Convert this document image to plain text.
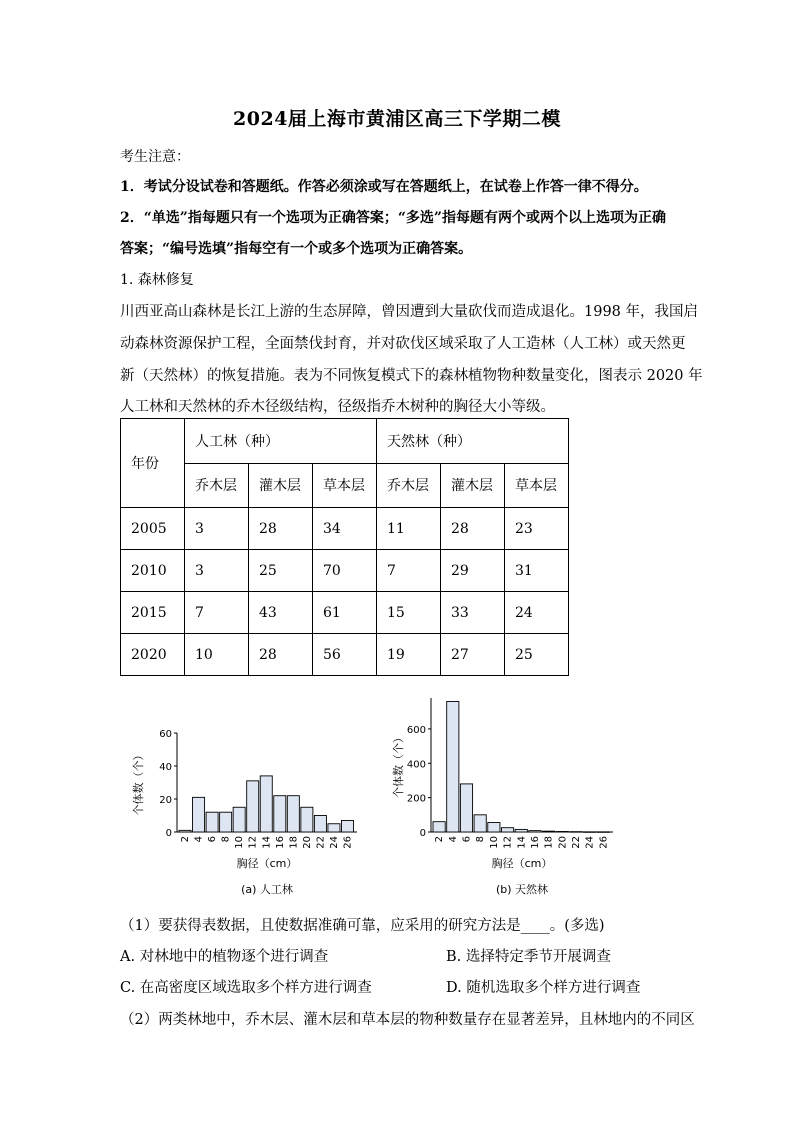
2024届上海市黄浦区高三下学期二模
考生注意：
1．考试分设试卷和答题纸。作答必须涂或写在答题纸上，在试卷上作答一律不得分。
2．“单选”指每题只有一个选项为正确答案；“多选”指每题有两个或两个以上选项为正确
答案；“编号选填”指每空有一个或多个选项为正确答案。
1. 森林修复
川西亚高山森林是长江上游的生态屏障，曾因遭到大量砍伐而造成退化。1998 年，我国启
动森林资源保护工程，全面禁伐封育，并对砍伐区域采取了人工造林（人工林）或天然更
新（天然林）的恢复措施。表为不同恢复模式下的森林植物物种数量变化，图表示 2020 年
人工林和天然林的乔木径级结构，径级指乔木树种的胸径大小等级。
年份	人工林（种）			天然林（种）		
	乔木层	灌木层	草本层	乔木层	灌木层	草本层
2005	3	28	34	11	28	23
2010	3	25	70	7	29	31
2015	7	43	61	15	33	24
2020	10	28	56	19	27	25
0
20
40
60
2 4 6 8 10 12 14 16 18 20 22 24 26
个体数（个）
胸径（cm）
(a) 人工林
0
200
400
600
2 4 6 8 10 12 14 16 18 20 22 24 26
个体数（个）
胸径（cm）
(b) 天然林
（1）要获得表数据，且使数据准确可靠，应采用的研究方法是____。(多选)
A. 对林地中的植物逐个进行调查	B. 选择特定季节开展调查
C. 在高密度区域选取多个样方进行调查	D. 随机选取多个样方进行调查
（2）两类林地中，乔木层、灌木层和草本层的物种数量存在显著差异，且林地内的不同区
